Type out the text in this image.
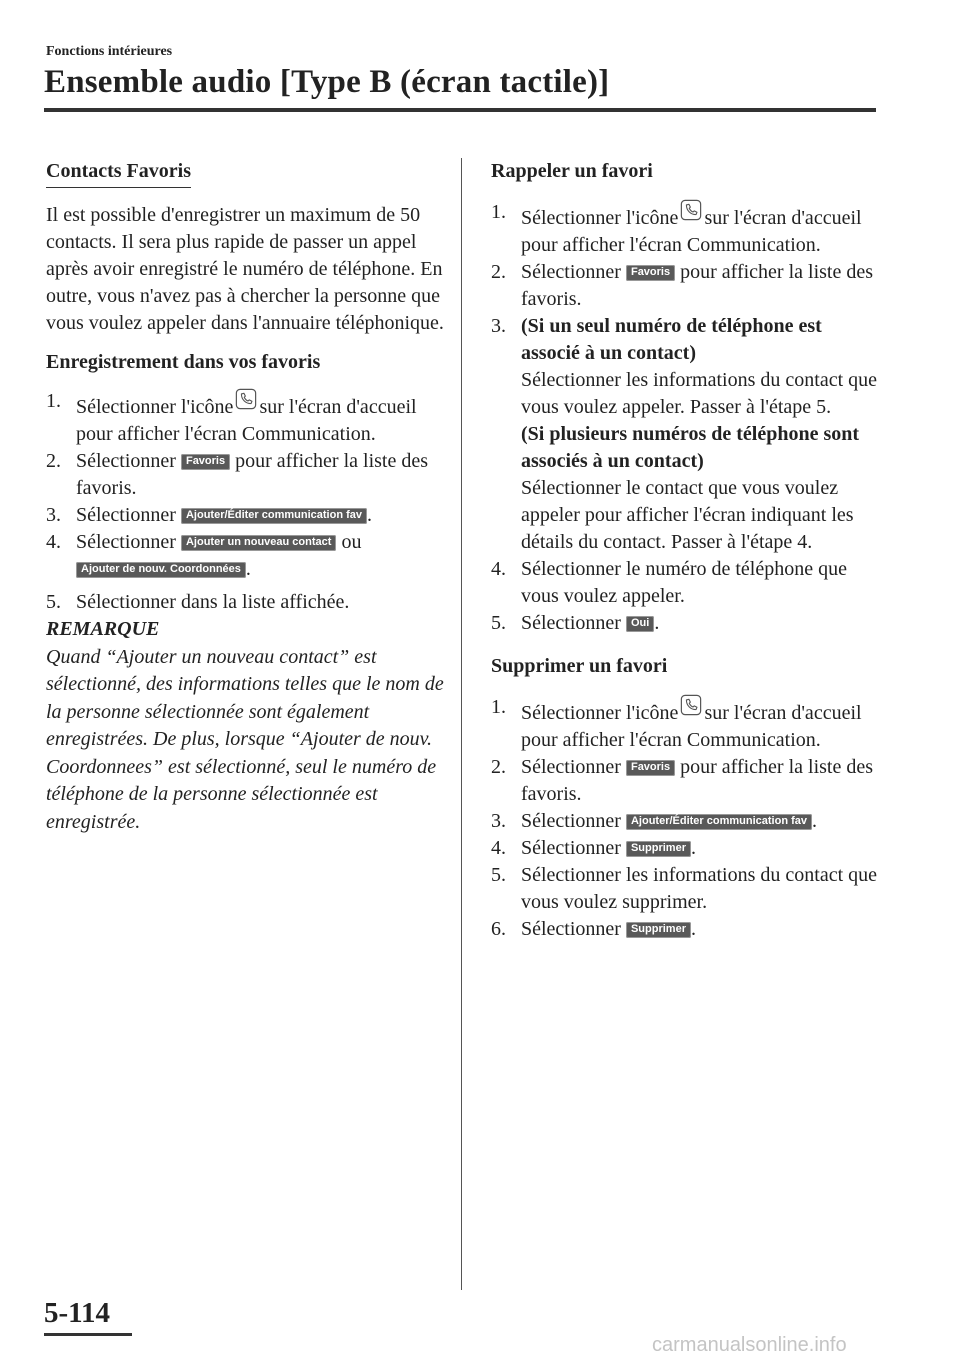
Fonctions intérieures
Ensemble audio [Type B (écran tactile)]
Contacts Favoris

Il est possible d'enregistrer un maximum de 50 contacts. Il sera plus rapide de passer un appel après avoir enregistré le numéro de téléphone. En outre, vous n'avez pas à chercher la personne que vous voulez appeler dans l'annuaire téléphonique.

Enregistrement dans vos favoris

1. Sélectionner l'icône sur l'écran d'accueil pour afficher l'écran Communication.
2. Sélectionner Favoris pour afficher la liste des favoris.
3. Sélectionner Ajouter/Éditer communication fav .
4. Sélectionner Ajouter un nouveau contact ou
Ajouter de nouv. Coordonnées .
5. Sélectionner dans la liste affichée.

REMARQUE
Quand “Ajouter un nouveau contact” est sélectionné, des informations telles que le nom de la personne sélectionnée sont également enregistrées. De plus, lorsque “Ajouter de nouv. Coordonnees” est sélectionné, seul le numéro de téléphone de la personne sélectionnée est enregistrée.

Rappeler un favori

1. Sélectionner l'icône sur l'écran d'accueil pour afficher l'écran Communication.
2. Sélectionner Favoris pour afficher la liste des favoris.
3. (Si un seul numéro de téléphone est associé à un contact)
Sélectionner les informations du contact que vous voulez appeler. Passer à l'étape 5.
(Si plusieurs numéros de téléphone sont associés à un contact)
Sélectionner le contact que vous voulez appeler pour afficher l'écran indiquant les détails du contact. Passer à l'étape 4.
4. Sélectionner le numéro de téléphone que vous voulez appeler.
5. Sélectionner Oui .

Supprimer un favori

1. Sélectionner l'icône sur l'écran d'accueil pour afficher l'écran Communication.
2. Sélectionner Favoris pour afficher la liste des favoris.
3. Sélectionner Ajouter/Éditer communication fav .
4. Sélectionner Supprimer .
5. Sélectionner les informations du contact que vous voulez supprimer.
6. Sélectionner Supprimer .
5-114
carmanualsonline.info
